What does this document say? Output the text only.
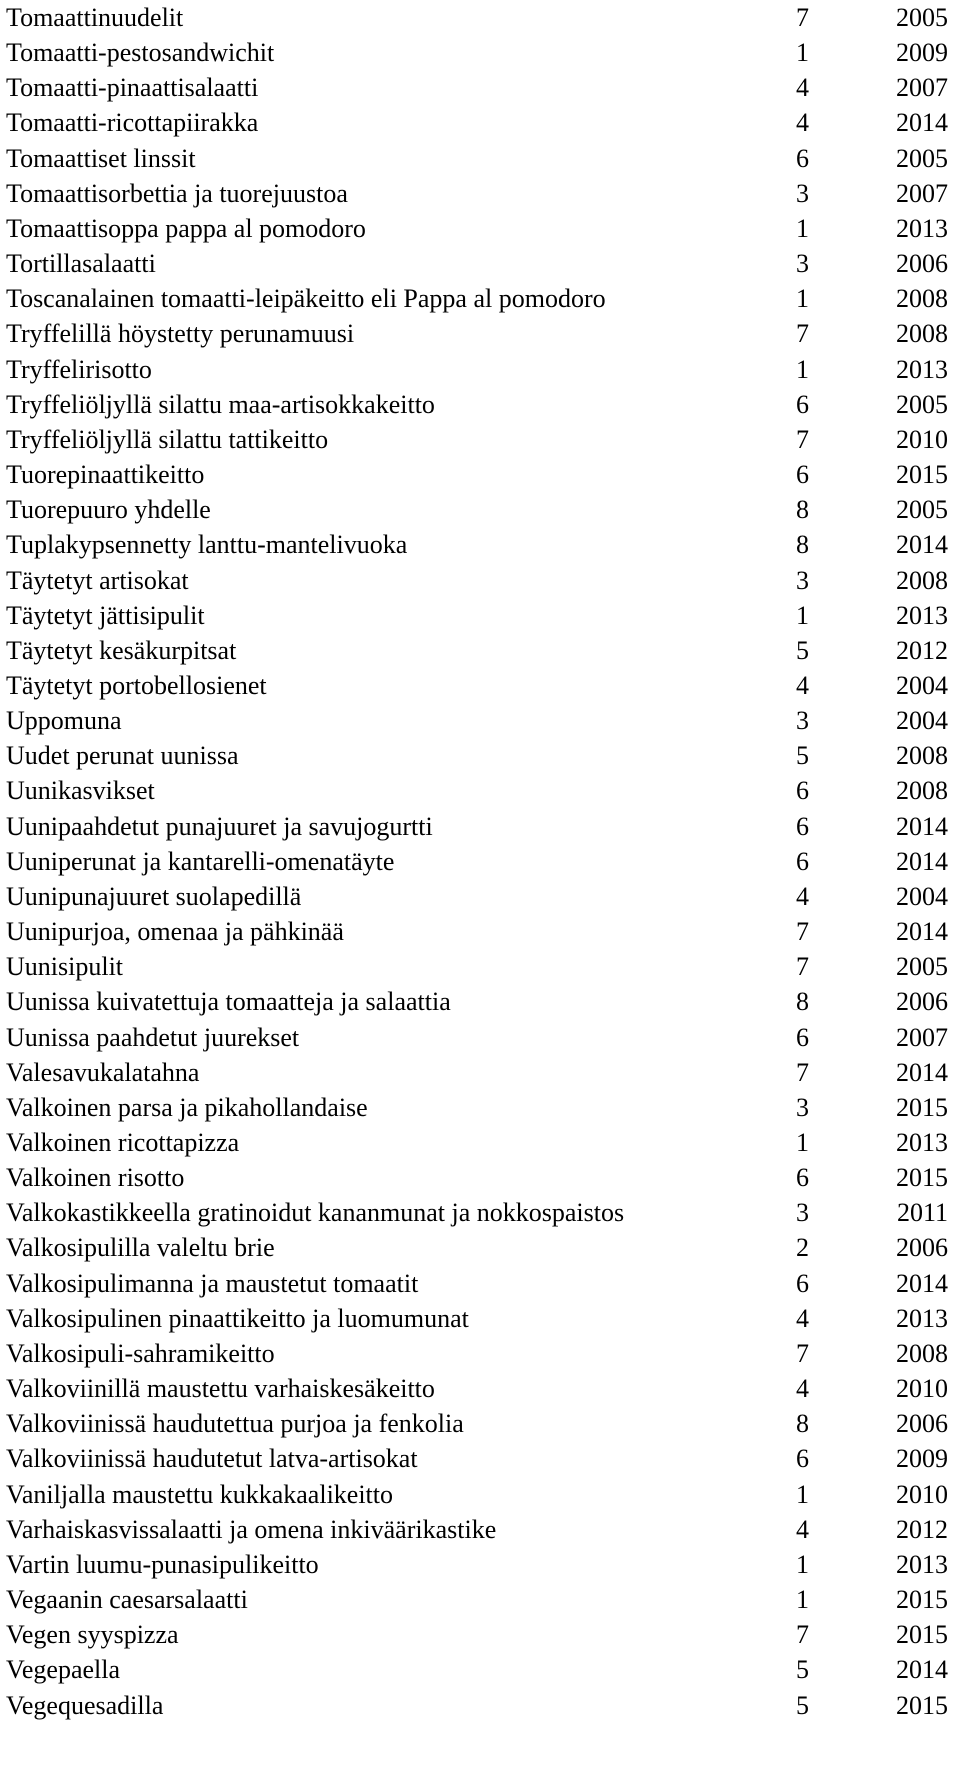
Tomaattinuudelit	7	2005
Tomaatti-pestosandwichit	1	2009
Tomaatti-pinaattisalaatti	4	2007
Tomaatti-ricottapiirakka	4	2014
Tomaattiset linssit	6	2005
Tomaattisorbettia ja tuorejuustoa	3	2007
Tomaattisoppa pappa al pomodoro	1	2013
Tortillasalaatti	3	2006
Toscanalainen tomaatti-leipäkeitto eli Pappa al pomodoro	1	2008
Tryffelillä höystetty perunamuusi	7	2008
Tryffelirisotto	1	2013
Tryffeliöljyllä silattu maa-artisokkakeitto	6	2005
Tryffeliöljyllä silattu tattikeitto	7	2010
Tuorepinaattikeitto	6	2015
Tuorepuuro yhdelle	8	2005
Tuplakypsennetty lanttu-mantelivuoka	8	2014
Täytetyt artisokat	3	2008
Täytetyt jättisipulit	1	2013
Täytetyt kesäkurpitsat	5	2012
Täytetyt portobellosienet	4	2004
Uppomuna	3	2004
Uudet perunat uunissa	5	2008
Uunikasvikset	6	2008
Uunipaahdetut punajuuret ja savujogurtti	6	2014
Uuniperunat ja kantarelli-omenatäyte	6	2014
Uunipunajuuret suolapedillä	4	2004
Uunipurjoa, omenaa ja pähkinää	7	2014
Uunisipulit	7	2005
Uunissa kuivatettuja tomaatteja ja salaattia	8	2006
Uunissa paahdetut juurekset	6	2007
Valesavukalatahna	7	2014
Valkoinen parsa ja pikahollandaise	3	2015
Valkoinen ricottapizza	1	2013
Valkoinen risotto	6	2015
Valkokastikkeella gratinoidut kananmunat ja nokkospaistos	3	2011
Valkosipulilla valeltu brie	2	2006
Valkosipulimanna ja maustetut tomaatit	6	2014
Valkosipulinen pinaattikeitto ja luomumunat	4	2013
Valkosipuli-sahramikeitto	7	2008
Valkoviinillä maustettu varhaiskesäkeitto	4	2010
Valkoviinissä haudutettua purjoa ja fenkolia	8	2006
Valkoviinissä haudutetut latva-artisokat	6	2009
Vaniljalla maustettu kukkakaalikeitto	1	2010
Varhaiskasvissalaatti ja omena inkiväärikastike	4	2012
Vartin luumu-punasipulikeitto	1	2013
Vegaanin caesarsalaatti	1	2015
Vegen syyspizza	7	2015
Vegepaella	5	2014
Vegequesadilla	5	2015
